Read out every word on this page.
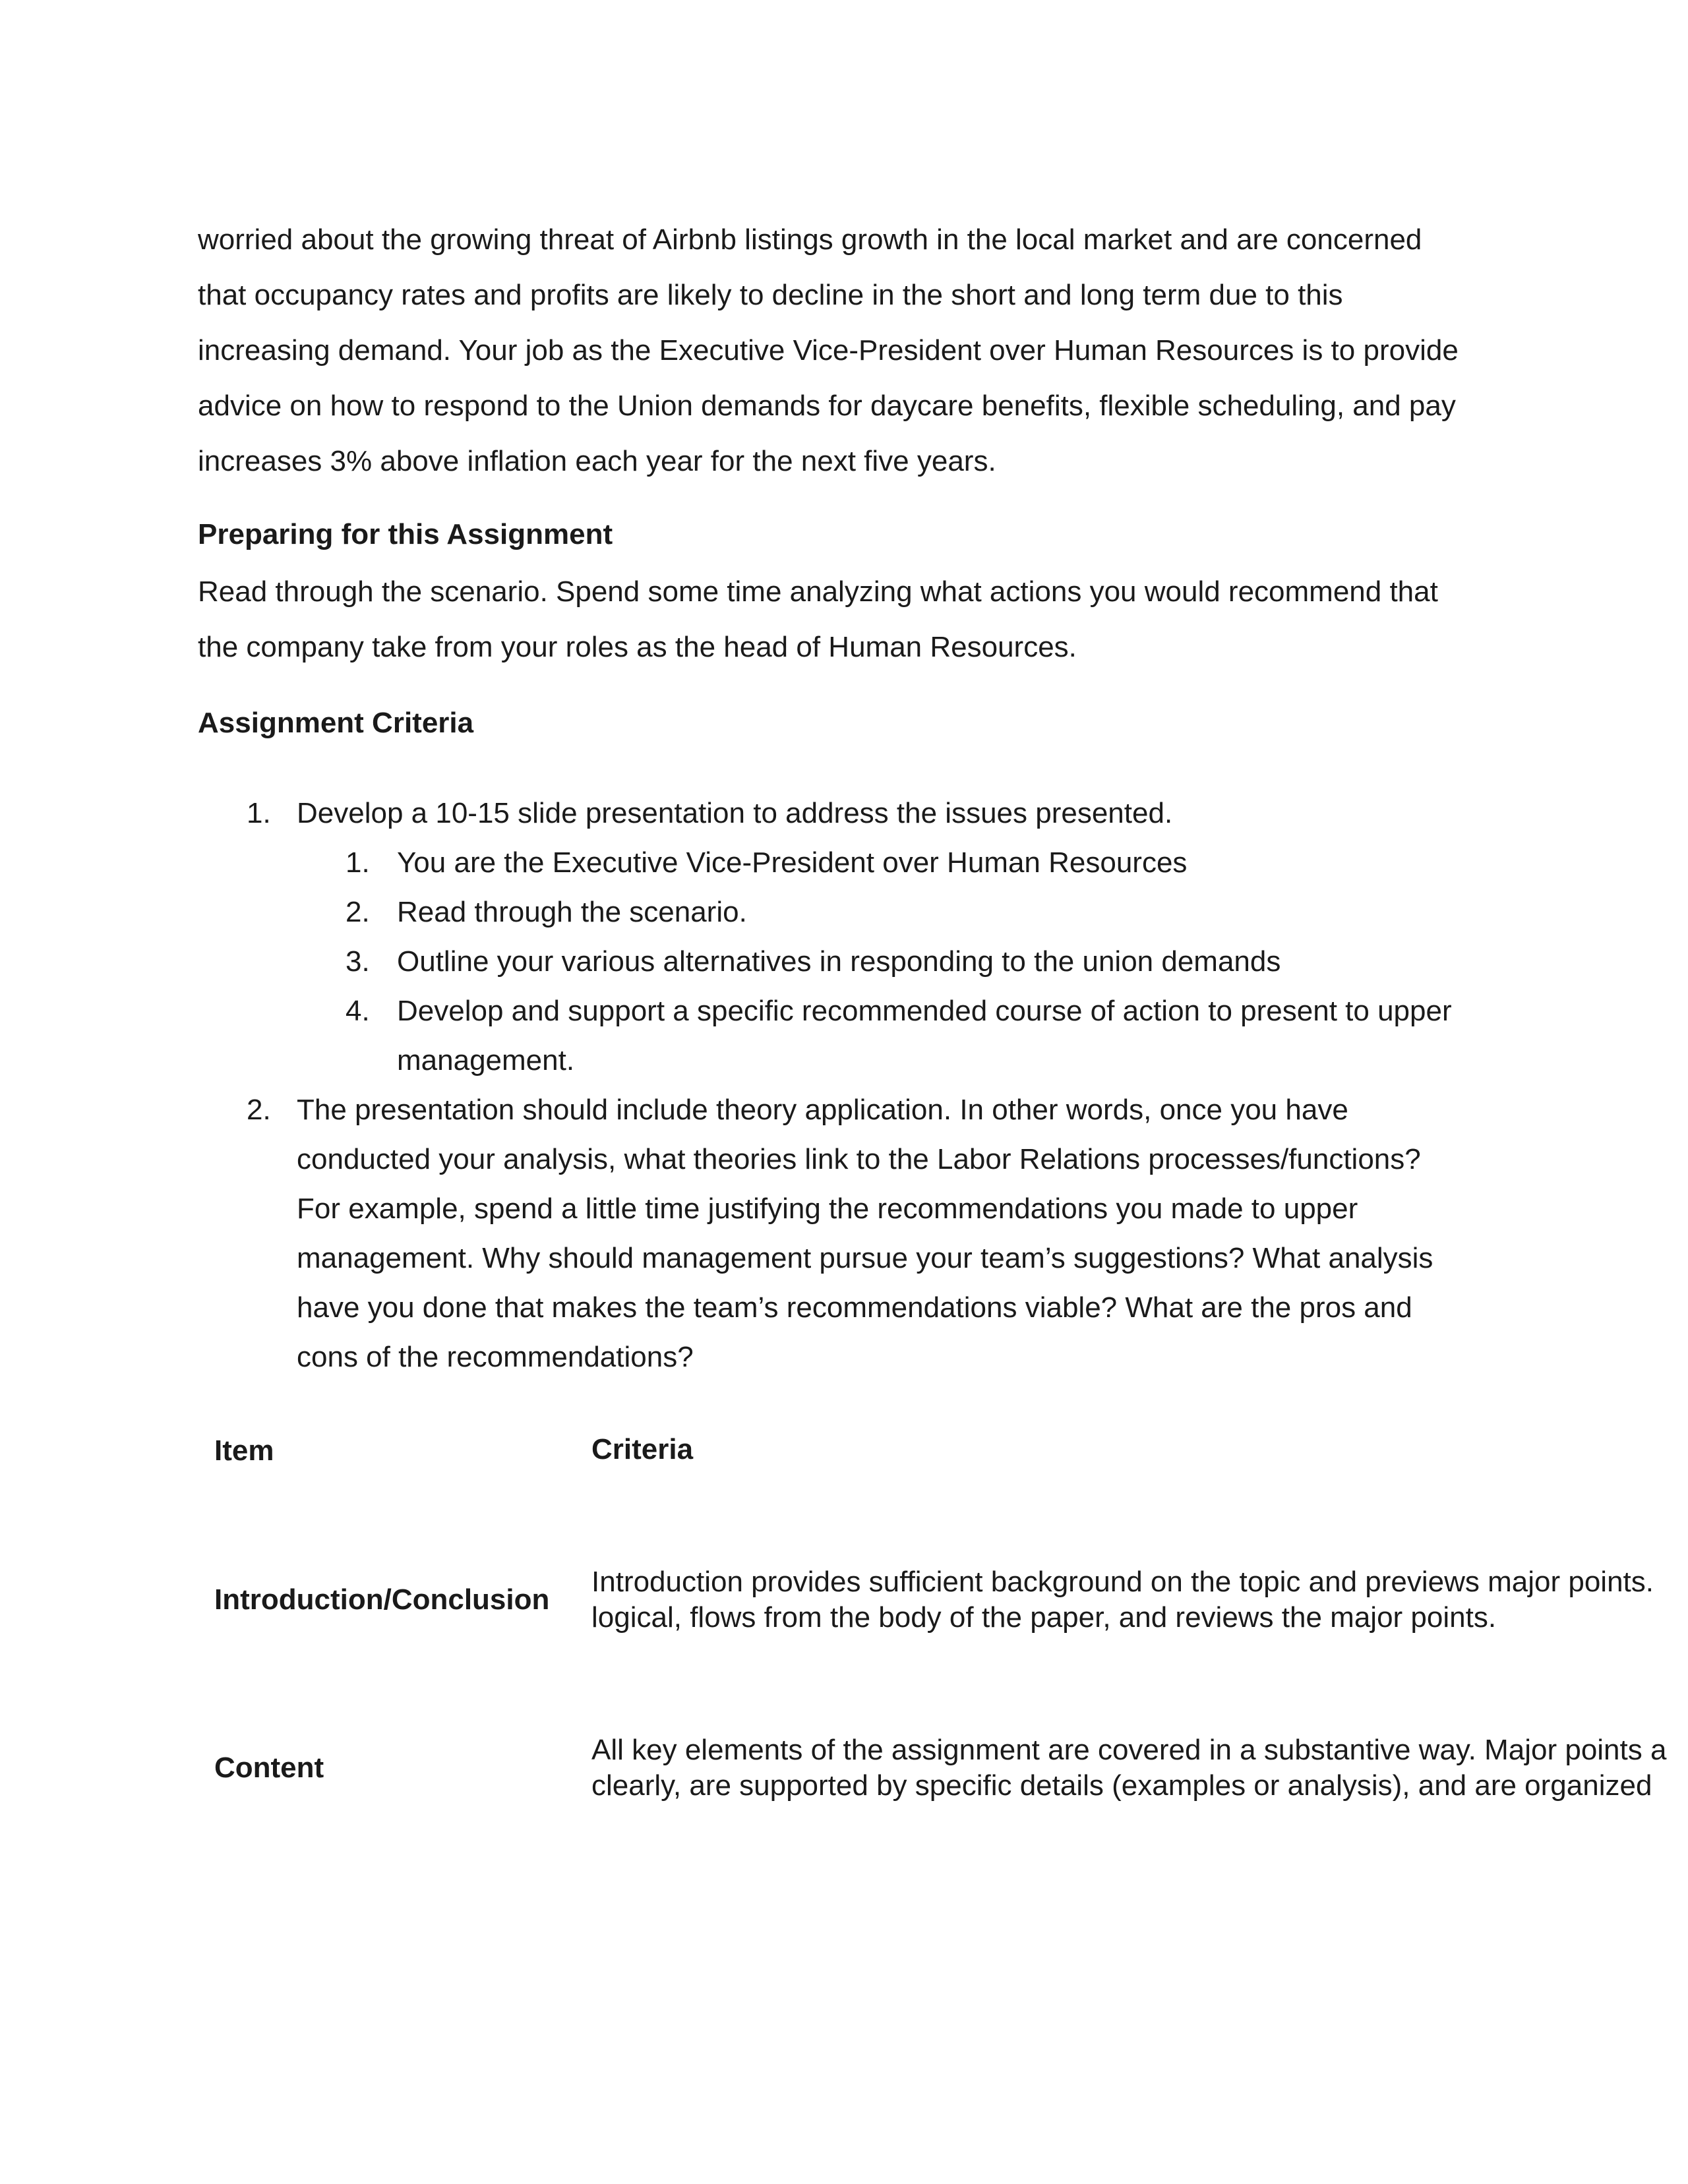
worried about the growing threat of Airbnb listings growth in the local market and are concerned
that occupancy rates and profits are likely to decline in the short and long term due to this
increasing demand. Your job as the Executive Vice-President over Human Resources is to provide
advice on how to respond to the Union demands for daycare benefits, flexible scheduling, and pay
increases 3% above inflation each year for the next five years.

Preparing for this Assignment

Read through the scenario. Spend some time analyzing what actions you would recommend that
the company take from your roles as the head of Human Resources.

Assignment Criteria
1. Develop a 10-15 slide presentation to address the issues presented.
1. You are the Executive Vice-President over Human Resources
2. Read through the scenario.
3. Outline your various alternatives in responding to the union demands
4. Develop and support a specific recommended course of action to present to upper
management.
2. The presentation should include theory application. In other words, once you have
conducted your analysis, what theories link to the Labor Relations processes/functions?
For example, spend a little time justifying the recommendations you made to upper
management. Why should management pursue your team’s suggestions? What analysis
have you done that makes the team’s recommendations viable? What are the pros and
cons of the recommendations?
Item	Criteria
Introduction/Conclusion
Introduction provides sufficient background on the topic and previews major points.
logical, flows from the body of the paper, and reviews the major points.
Content
All key elements of the assignment are covered in a substantive way. Major points a
clearly, are supported by specific details (examples or analysis), and are organized
